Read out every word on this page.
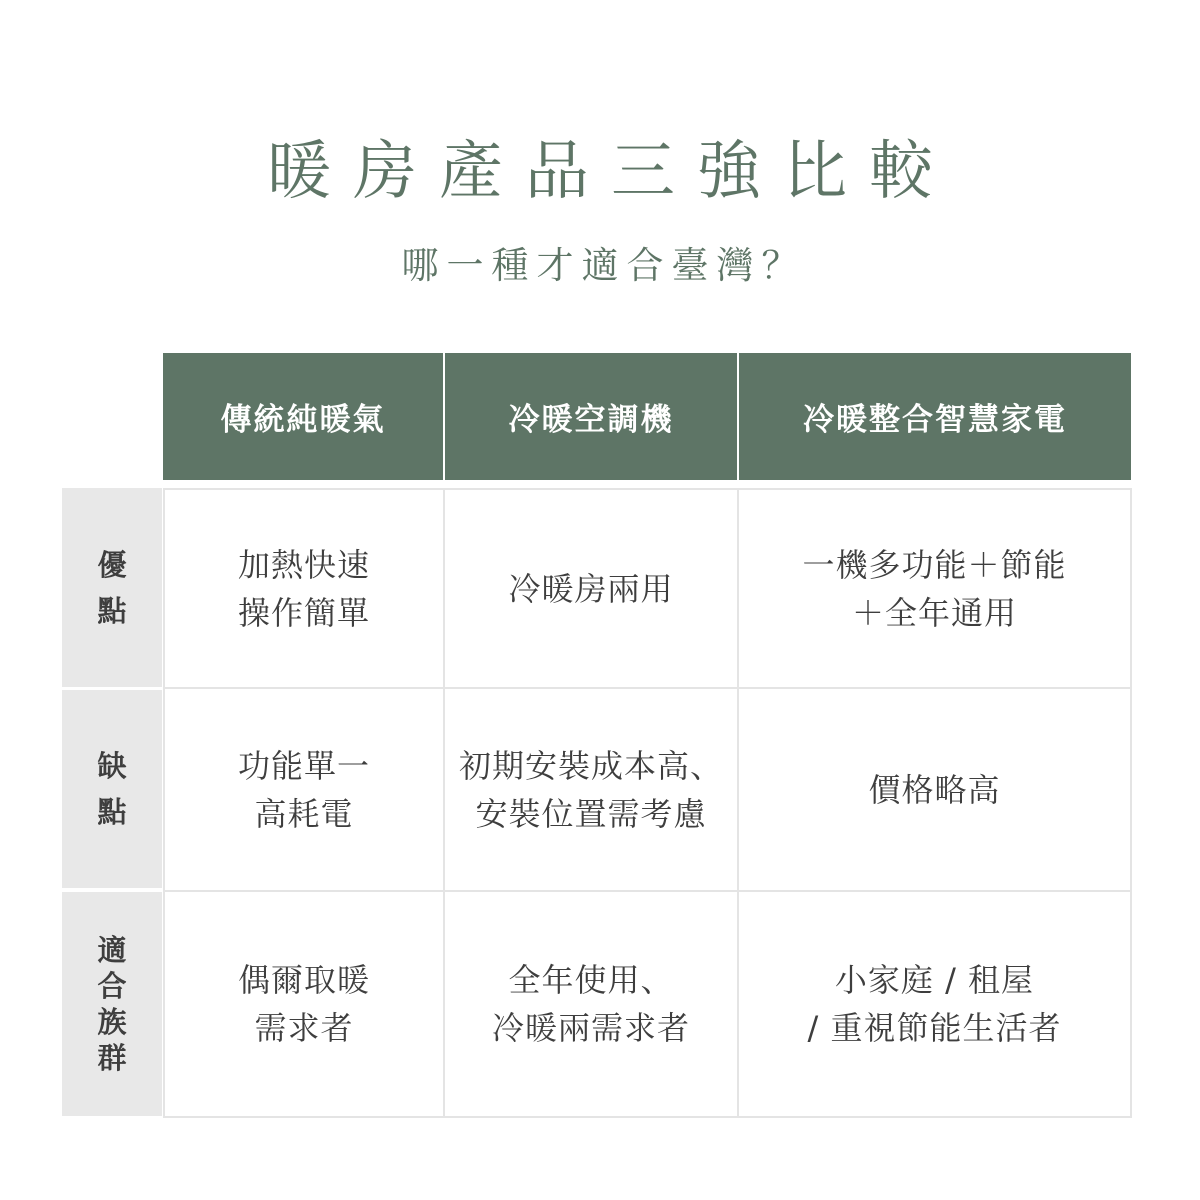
暖房產品三強比較
哪一種才適合臺灣？
傳統純暖氣	冷暖空調機	冷暖整合智慧家電
優
點
加熱快速
操作簡單
冷暖房兩用
一機多功能＋節能
＋全年通用
缺
點
功能單一
高耗電
初期安裝成本高、
安裝位置需考慮
價格略高
適
合
族
群
偶爾取暖
需求者
全年使用、
冷暖兩需求者
小家庭 / 租屋
/ 重視節能生活者
